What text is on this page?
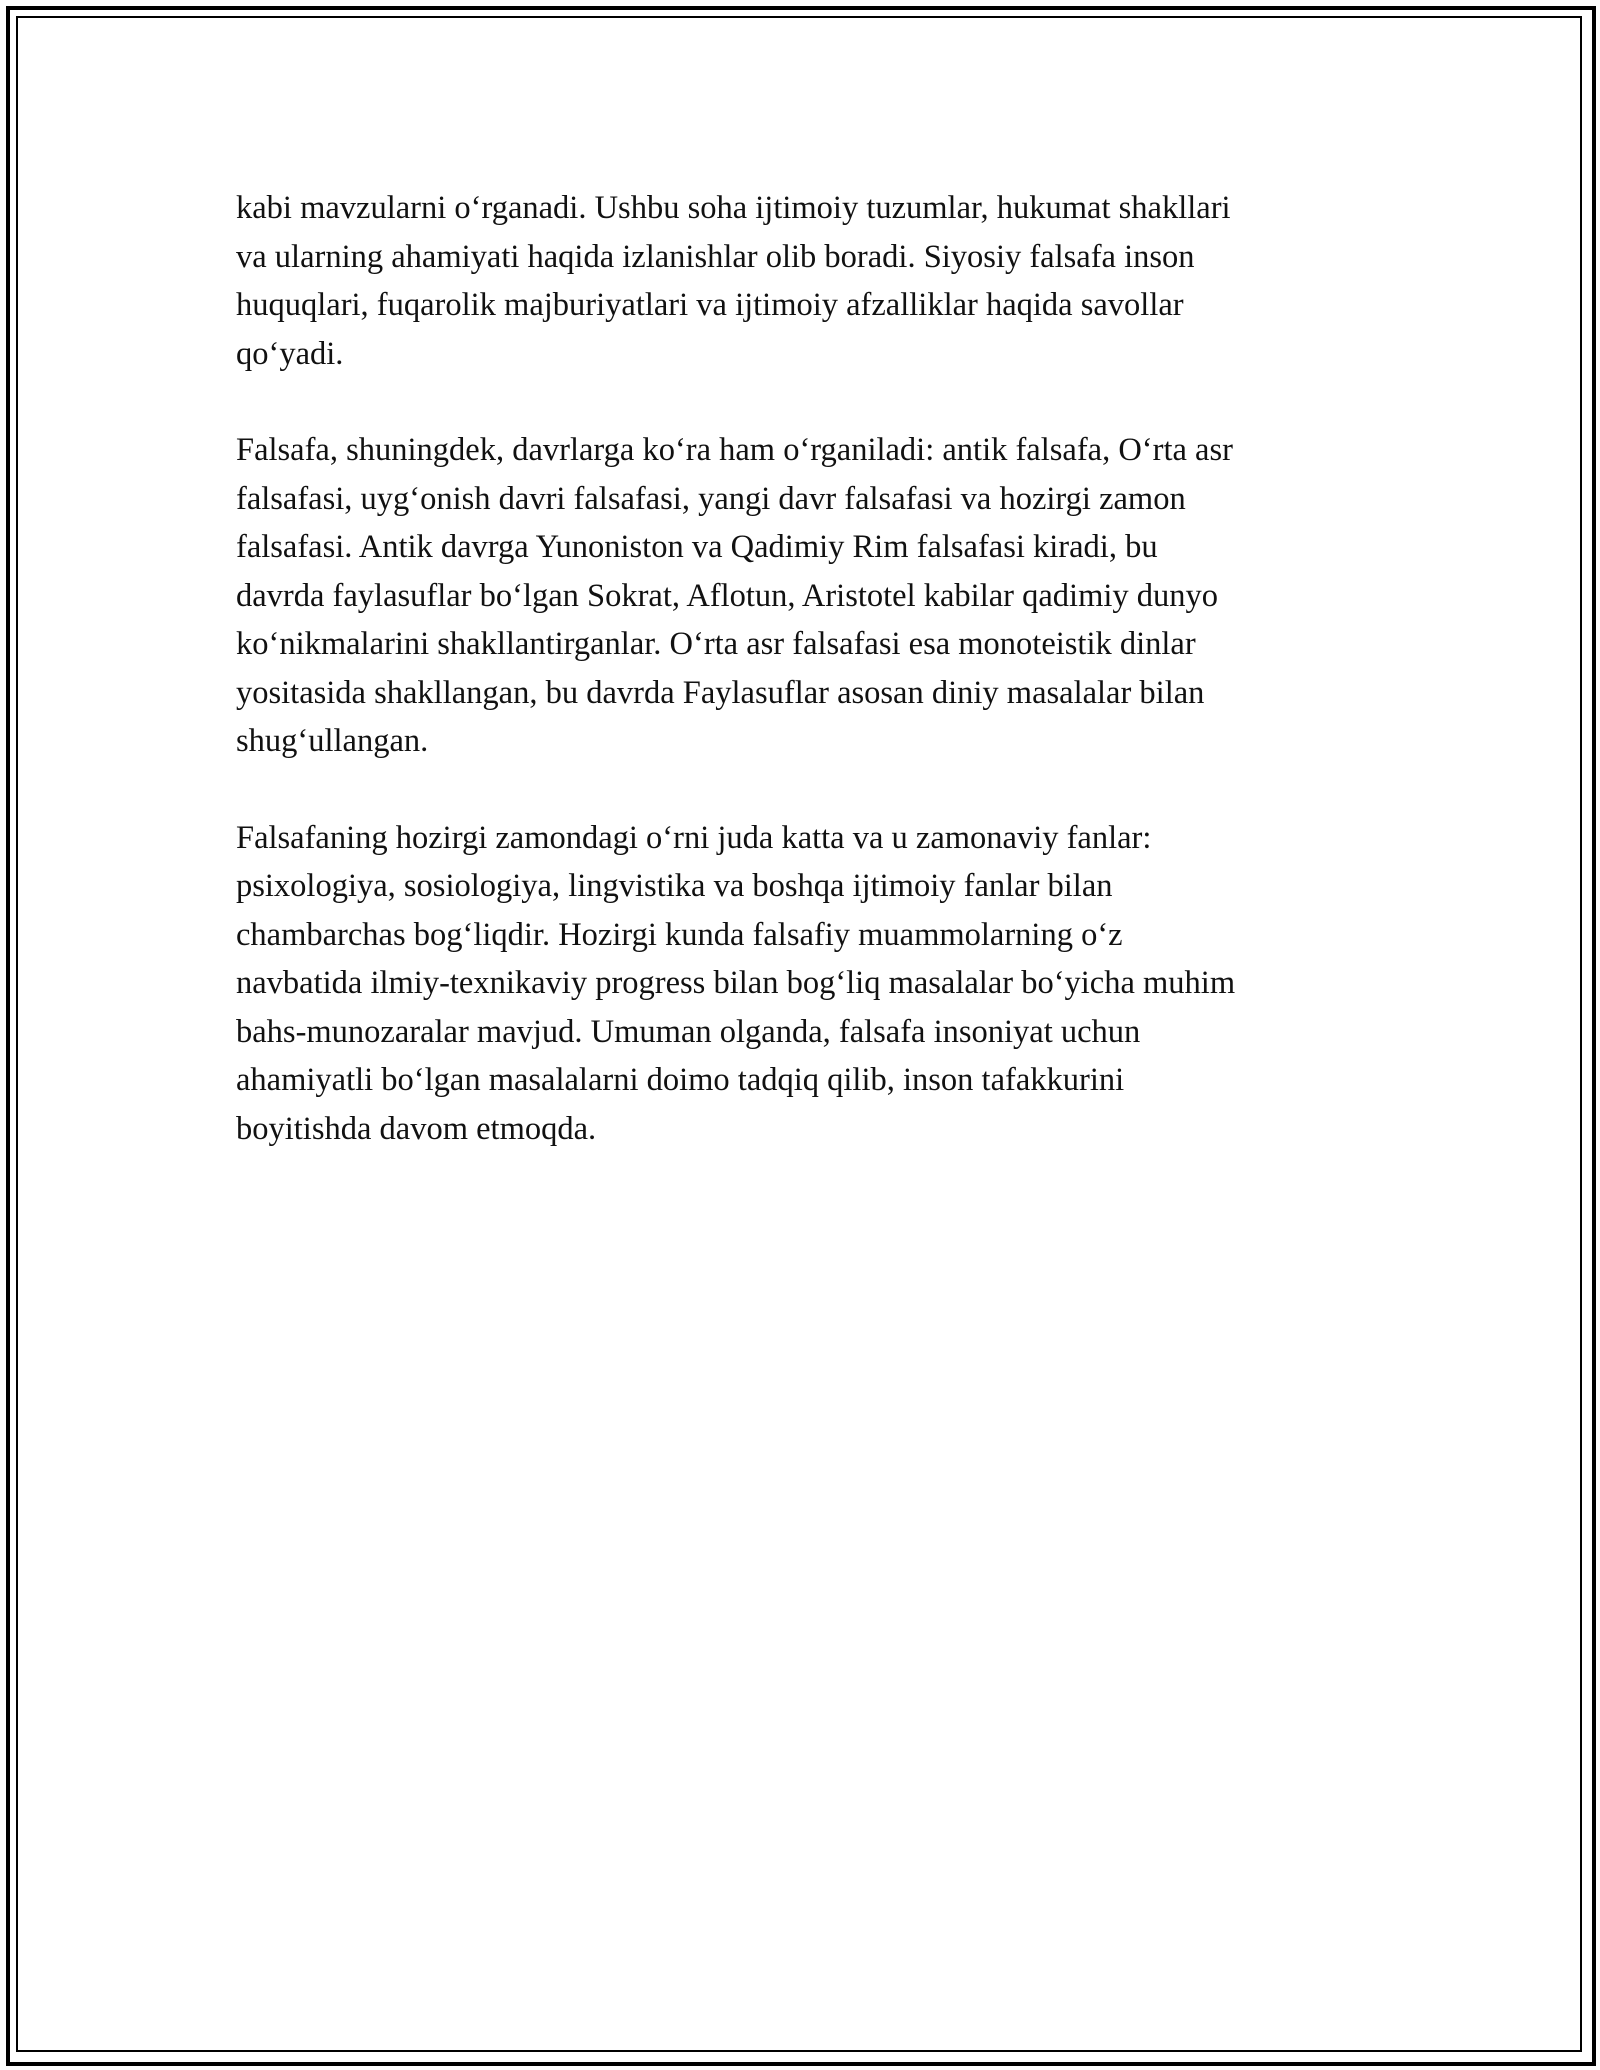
kabi mavzularni o‘rganadi. Ushbu soha ijtimoiy tuzumlar, hukumat shakllari
va ularning ahamiyati haqida izlanishlar olib boradi. Siyosiy falsafa inson
huquqlari, fuqarolik majburiyatlari va ijtimoiy afzalliklar haqida savollar
qo‘yadi.

Falsafa, shuningdek, davrlarga ko‘ra ham o‘rganiladi: antik falsafa, O‘rta asr
falsafasi, uyg‘onish davri falsafasi, yangi davr falsafasi va hozirgi zamon
falsafasi. Antik davrga Yunoniston va Qadimiy Rim falsafasi kiradi, bu
davrda faylasuflar bo‘lgan Sokrat, Aflotun, Aristotel kabilar qadimiy dunyo
ko‘nikmalarini shakllantirganlar. O‘rta asr falsafasi esa monoteistik dinlar
yositasida shakllangan, bu davrda Faylasuflar asosan diniy masalalar bilan
shug‘ullangan.

Falsafaning hozirgi zamondagi o‘rni juda katta va u zamonaviy fanlar:
psixologiya, sosiologiya, lingvistika va boshqa ijtimoiy fanlar bilan
chambarchas bog‘liqdir. Hozirgi kunda falsafiy muammolarning o‘z
navbatida ilmiy-texnikaviy progress bilan bog‘liq masalalar bo‘yicha muhim
bahs-munozaralar mavjud. Umuman olganda, falsafa insoniyat uchun
ahamiyatli bo‘lgan masalalarni doimo tadqiq qilib, inson tafakkurini
boyitishda davom etmoqda.
